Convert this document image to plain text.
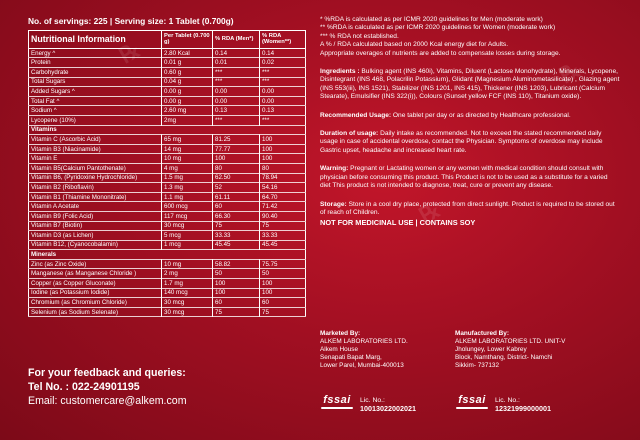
℞
℞
℞
No. of servings: 225 | Serving size: 1 Tablet (0.700g)
Nutritional Information	Per Tablet (0.700 g)	% RDA (Men*)	% RDA (Women**)
Energy ^	2.80 Kcal	0.14	0.14
Protein	0.01 g	0.01	0.02
Carbohydrate	0.60 g	***	***
Total Sugars	0.04 g	***	***
Added Sugars ^	0.00 g	0.00	0.00
Total Fat ^	0.00 g	0.00	0.00
Sodium ^	2.60 mg	0.13	0.13
Lycopene (10%)	2mg	***	***
Vitamins			
Vitamin C (Ascorbic Acid)	65 mg	81.25	100
Vitamin B3 (Niacinamide)	14 mg	77.77	100
Vitamin E	10 mg	100	100
Vitamin B5(Calcium Pantothenate)	4 mg	80	80
Vitamin B6, (Pyridoxine Hydrochloride)	1.5 mg	62.50	78.94
Vitamin B2 (Riboflavin)	1.3 mg	52	54.16
Vitamin B1 (Thiamine Mononitrate)	1.1 mg	61.11	64.70
Vitamin A Acetate	600 mcg	60	71.42
Vitamin B9 (Folic Acid)	117 mcg	66.30	90.40
Vitamin B7 (Biotin)	30 mcg	75	75
Vitamin D3 (as Lichen)	5 mcg	33.33	33.33
Vitamin B12, (Cyanocobalamin)	1 mcg	45.45	45.45
Minerals			
Zinc (as Zinc Oxide)	10 mg	58.82	75.75
Manganese (as Manganese Chloride )	2 mg	50	50
Copper (as Copper Gluconate)	1.7 mg	100	100
Iodine (as Potassium Iodide)	140 mcg	100	100
Chromium (as Chromium Chloride)	30 mcg	60	60
Selenium (as Sodium Selenate)	30 mcg	75	75
For your feedback and queries:
Tel No. : 022-24901195
Email: customercare@alkem.com

* %RDA is calculated as per ICMR 2020 guidelines for Men (moderate work)

** %RDA is calculated as per ICMR 2020 guidelines for Women (moderate work)

*** % RDA not established.

A % / RDA calculated based on 2000 Kcal energy diet for Adults.

Appropriate overages of nutrients are added to compensate losses during storage.

Ingredients : Bulking agent (INS 460i), Vitamins, Diluent (Lactose Monohydrate), Minerals, Lycopene, Disintegrant (INS 468, Polacrilin Potassium), Glidant (Magnesium Aluminometasilicate) , Glazing agent (INS 553(iii), INS 1521), Stabilizer (INS 1201, INS 415), Thickener (INS 1203), Lubricant (Calcium Stearate), Emulsifier (INS 322(i)), Colours (Sunset yellow FCF (INS 110), Titanium oxide).
Recommended Usage: One tablet per day or as directed by Healthcare professional.
Duration of usage: Daily intake as recommended. Not to exceed the stated recommended daily usage in case of accidental overdose, contact the Physician. Symptoms of overdose may include Gastric upset, headache and increased heart rate.
Warning: Pregnant or Lactating women or any women with medical condition should consult with physician before consuming this product. This Product is not to be used as a substitute for a varied diet This product is not intended to diagnose, treat, cure or prevent any disease.
Storage: Store in a cool dry place, protected from direct sunlight. Product is required to be stored out of reach of Children.
NOT FOR MEDICINAL USE | CONTAINS SOY
Marketed By:
ALKEM LABORATORIES LTD.
Alkem House
Senapati Bapat Marg,
Lower Parel, Mumbai-400013
Manufactured By:
ALKEM LABORATORIES LTD. UNIT-V
Jholungey, Lower Kabrey
Block, Namthang, District- Namchi
Sikkim- 737132
fssai Lic. No.:
10013022002021
fssai Lic. No.:
12321999000001
